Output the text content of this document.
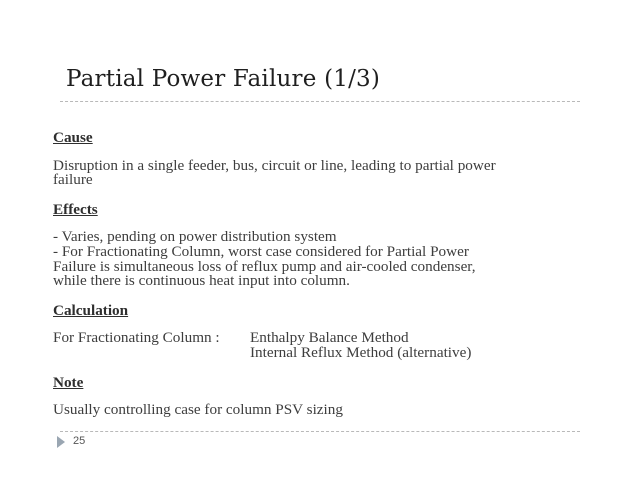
Partial Power Failure (1/3)
Cause
Disruption in a single feeder, bus, circuit or line, leading to partial power
failure
Effects
- Varies, pending on power distribution system
- For Fractionating Column, worst case considered for Partial Power
Failure is simultaneous loss of reflux pump and air-cooled condenser,
while there is continuous heat input into column.
Calculation
For Fractionating Column :	Enthalpy Balance Method
Internal Reflux Method (alternative)
Note
Usually controlling case for column PSV sizing
25
